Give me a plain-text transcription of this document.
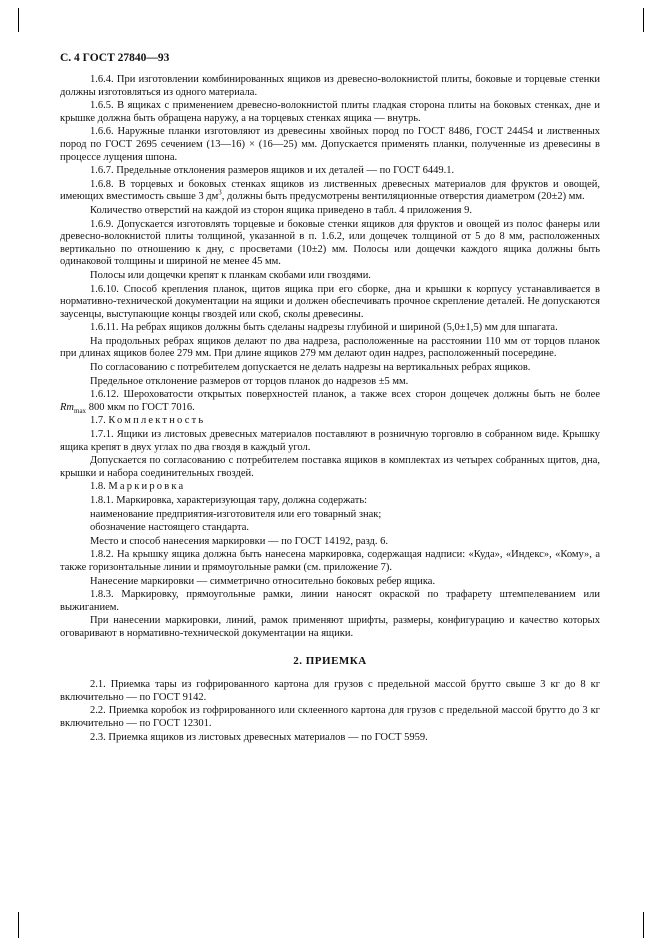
С. 4 ГОСТ 27840—93

1.6.4. При изготовлении комбинированных ящиков из древесно-волокнистой плиты, боковые и торцевые стенки должны изготовляться из одного материала.

1.6.5. В ящиках с применением древесно-волокнистой плиты гладкая сторона плиты на боковых стенках, дне и крышке должна быть обращена наружу, а на торцевых стенках ящика — внутрь.

1.6.6. Наружные планки изготовляют из древесины хвойных пород по ГОСТ 8486, ГОСТ 24454 и лиственных пород по ГОСТ 2695 сечением (13—16) × (16—25) мм. Допускается применять планки, полученные из древесины в процессе лущения шпона.

1.6.7. Предельные отклонения размеров ящиков и их деталей — по ГОСТ 6449.1.

1.6.8. В торцевых и боковых стенках ящиков из лиственных древесных материалов для фруктов и овощей, имеющих вместимость свыше 3 $дм^3$, должны быть предусмотрены вентиляционные отверстия диаметром (20±2) мм.

Количество отверстий на каждой из сторон ящика приведено в табл. 4 приложения 9.

1.6.9. Допускается изготовлять торцевые и боковые стенки ящиков для фруктов и овощей из полос фанеры или древесно-волокнистой плиты толщиной, указанной в п. 1.6.2, или дощечек толщиной от 5 до 8 мм, расположенных вертикально по отношению к дну, с просветами (10±2) мм. Полосы или дощечки каждого ящика должны быть одинаковой толщины и шириной не менее 45 мм.

Полосы или дощечки крепят к планкам скобами или гвоздями.

1.6.10. Способ крепления планок, щитов ящика при его сборке, дна и крышки к корпусу устанавливается в нормативно-технической документации на ящики и должен обеспечивать прочное скрепление деталей. Не допускаются заусенцы, выступающие концы гвоздей или скоб, сколы древесины.

1.6.11. На ребрах ящиков должны быть сделаны надрезы глубиной и шириной (5,0±1,5) мм для шпагата.

На продольных ребрах ящиков делают по два надреза, расположенные на расстоянии 110 мм от торцов планок при длинах ящиков более 279 мм. При длине ящиков 279 мм делают один надрез, расположенный посередине.

По согласованию с потребителем допускается не делать надрезы на вертикальных ребрах ящиков.

Предельное отклонение размеров от торцов планок до надрезов ±5 мм.

1.6.12. Шероховатости открытых поверхностей планок, а также всех сторон дощечек должны быть не более $Rm_{max}$ 800 мкм по ГОСТ 7016.

1.7. Комплектность

1.7.1. Ящики из листовых древесных материалов поставляют в розничную торговлю в собранном виде. Крышку ящика крепят в двух углах по два гвоздя в каждый угол.

Допускается по согласованию с потребителем поставка ящиков в комплектах из четырех собранных щитов, дна, крышки и набора соединительных гвоздей.

1.8. Маркировка

1.8.1. Маркировка, характеризующая тару, должна содержать:

наименование предприятия-изготовителя или его товарный знак;

обозначение настоящего стандарта.

Место и способ нанесения маркировки — по ГОСТ 14192, разд. 6.

1.8.2. На крышку ящика должна быть нанесена маркировка, содержащая надписи: «Куда», «Индекс», «Кому», а также горизонтальные линии и прямоугольные рамки (см. приложение 7).

Нанесение маркировки — симметрично относительно боковых ребер ящика.

1.8.3. Маркировку, прямоугольные рамки, линии наносят окраской по трафарету штемпелеванием или выжиганием.

При нанесении маркировки, линий, рамок применяют шрифты, размеры, конфигурацию и качество которых оговаривают в нормативно-технической документации на ящики.

2. ПРИЕМКА

2.1. Приемка тары из гофрированного картона для грузов с предельной массой брутто свыше 3 кг до 8 кг включительно — по ГОСТ 9142.

2.2. Приемка коробок из гофрированного или склеенного картона для грузов с предельной массой брутто до 3 кг включительно — по ГОСТ 12301.

2.3. Приемка ящиков из листовых древесных материалов — по ГОСТ 5959.
